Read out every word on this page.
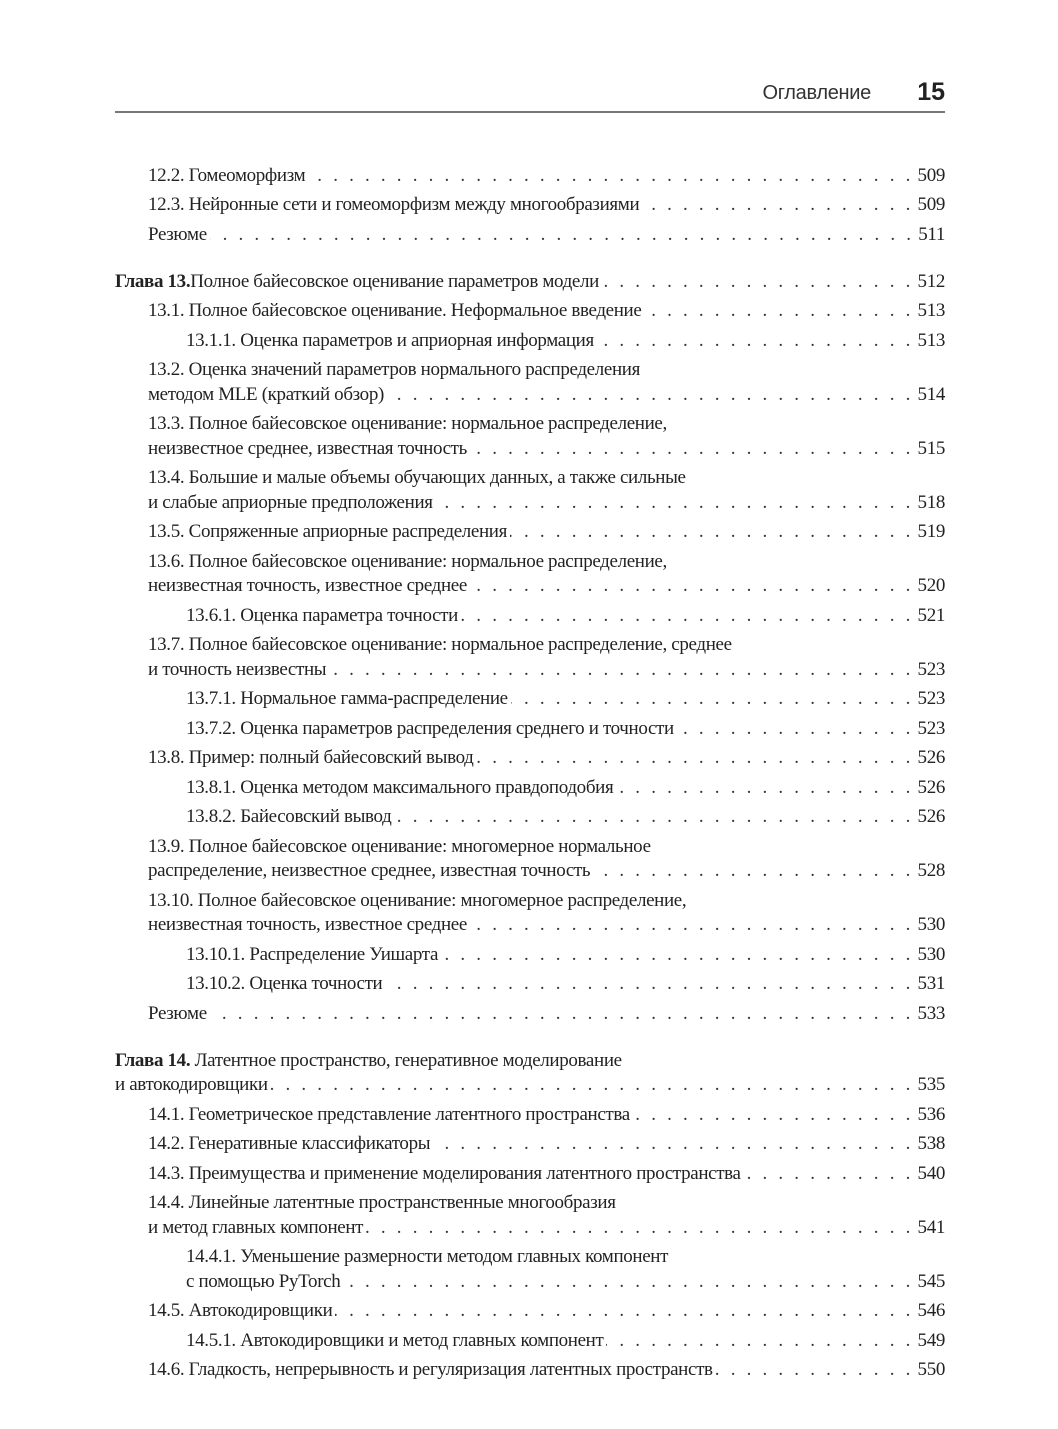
Оглавление 15
12.2. Гомеоморфизм . . .	509
12.3. Нейронные сети и гомеоморфизм между многообразиями . . .	509
Резюме . . .	511
Глава 13. Полное байесовское оценивание параметров модели . . .	512
13.1. Полное байесовское оценивание. Неформальное введение . . .	513
13.1.1. Оценка параметров и априорная информация . . .	513
13.2. Оценка значений параметров нормального распределения
методом MLE (краткий обзор) . . .	514
13.3. Полное байесовское оценивание: нормальное распределение,
неизвестное среднее, известная точность . . .	515
13.4. Большие и малые объемы обучающих данных, а также сильные
и слабые априорные предположения . . .	518
13.5. Сопряженные априорные распределения . . .	519
13.6. Полное байесовское оценивание: нормальное распределение,
неизвестная точность, известное среднее . . .	520
13.6.1. Оценка параметра точности . . .	521
13.7. Полное байесовское оценивание: нормальное распределение, среднее
и точность неизвестны . . .	523
13.7.1. Нормальное гамма-распределение . . .	523
13.7.2. Оценка параметров распределения среднего и точности . . .	523
13.8. Пример: полный байесовский вывод . . .	526
13.8.1. Оценка методом максимального правдоподобия . . .	526
13.8.2. Байесовский вывод . . .	526
13.9. Полное байесовское оценивание: многомерное нормальное
распределение, неизвестное среднее, известная точность . . .	528
13.10. Полное байесовское оценивание: многомерное распределение,
неизвестная точность, известное среднее . . .	530
13.10.1. Распределение Уишарта . . .	530
13.10.2. Оценка точности . . .	531
Резюме . . .	533
Глава 14. Латентное пространство, генеративное моделирование
и автокодировщики . . .	535
14.1. Геометрическое представление латентного пространства . . .	536
14.2. Генеративные классификаторы . . .	538
14.3. Преимущества и применение моделирования латентного пространства . . .	540
14.4. Линейные латентные пространственные многообразия
и метод главных компонент . . .	541
14.4.1. Уменьшение размерности методом главных компонент
с помощью PyTorch . . .	545
14.5. Автокодировщики . . .	546
14.5.1. Автокодировщики и метод главных компонент . . .	549
14.6. Гладкость, непрерывность и регуляризация латентных пространств . . .	550
